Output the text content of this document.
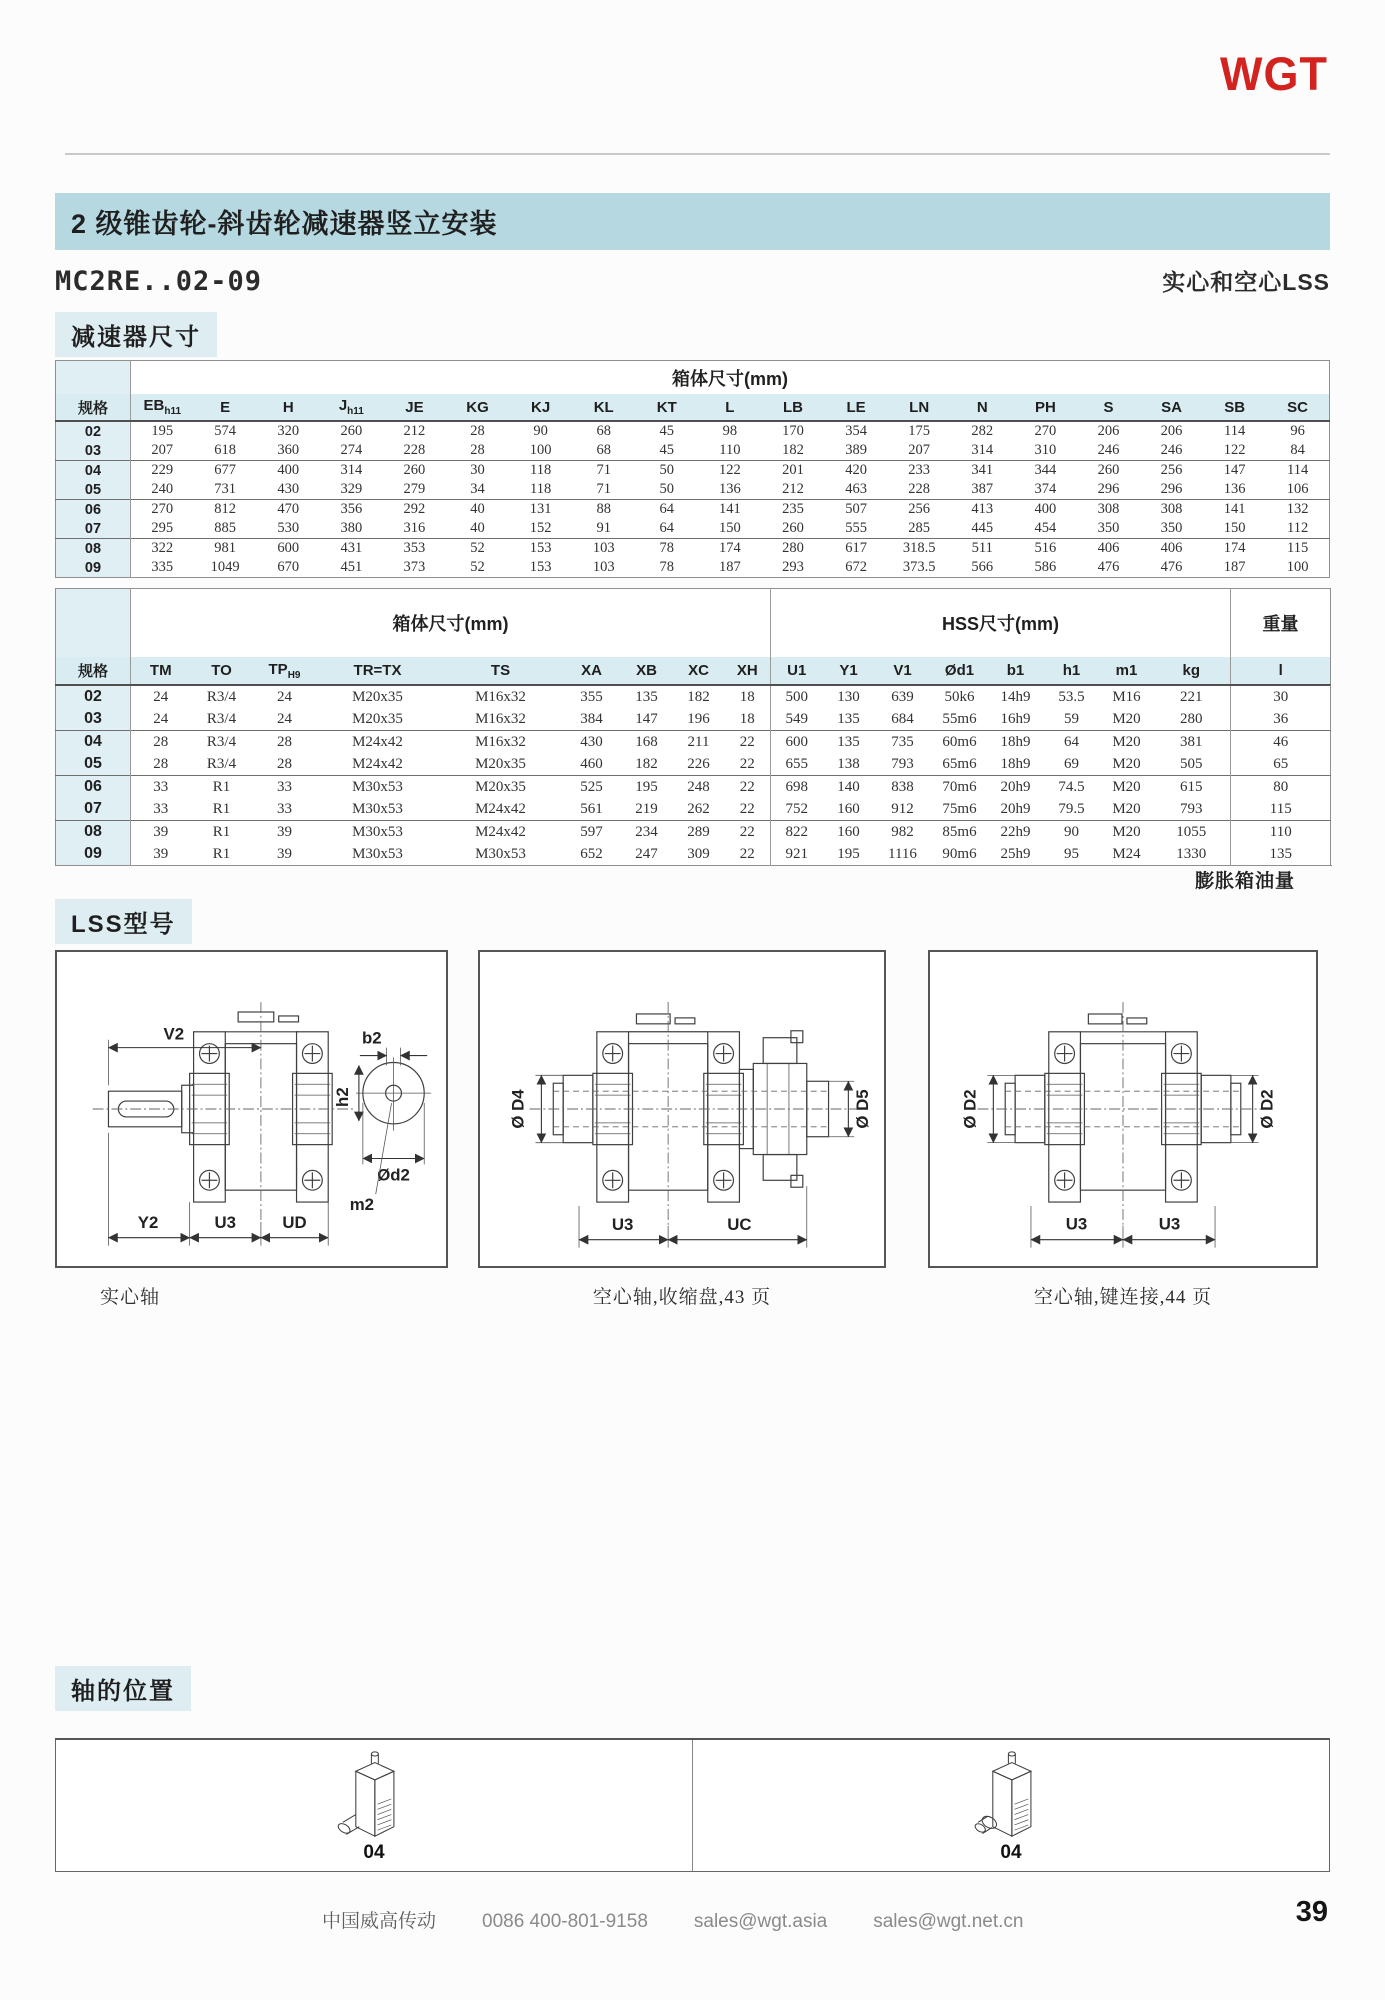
WGT
2 级锥齿轮-斜齿轮减速器竖立安装
MC2RE..02-09	实心和空心LSS
减速器尺寸
	箱体尺寸(mm)																		
规格	$EB_{h11}$	E	H	$J_{h11}$	JE	KG	KJ	KL	KT	L	LB	LE	LN	N	PH	S	SA	SB	SC
02	195	574	320	260	212	28	90	68	45	98	170	354	175	282	270	206	206	114	96
03	207	618	360	274	228	28	100	68	45	110	182	389	207	314	310	246	246	122	84
04	229	677	400	314	260	30	118	71	50	122	201	420	233	341	344	260	256	147	114
05	240	731	430	329	279	34	118	71	50	136	212	463	228	387	374	296	296	136	106
06	270	812	470	356	292	40	131	88	64	141	235	507	256	413	400	308	308	141	132
07	295	885	530	380	316	40	152	91	64	150	260	555	285	445	454	350	350	150	112
08	322	981	600	431	353	52	153	103	78	174	280	617	318.5	511	516	406	406	174	115
09	335	1049	670	451	373	52	153	103	78	187	293	672	373.5	566	586	476	476	187	100
	箱体尺寸(mm)									HSS尺寸(mm)								重量	
规格	TM	TO	$TP_{H9}$	TR=TX	TS	XA	XB	XC	XH	U1	Y1	V1	Ød1	b1	h1	m1	kg	l	
02	24	R3/4	24	M20x35	M16x32	355	135	182	18	500	130	639	50k6	14h9	53.5	M16	221	30	
03	24	R3/4	24	M20x35	M16x32	384	147	196	18	549	135	684	55m6	16h9	59	M20	280	36	
04	28	R3/4	28	M24x42	M16x32	430	168	211	22	600	135	735	60m6	18h9	64	M20	381	46	
05	28	R3/4	28	M24x42	M20x35	460	182	226	22	655	138	793	65m6	18h9	69	M20	505	65	
06	33	R1	33	M30x53	M20x35	525	195	248	22	698	140	838	70m6	20h9	74.5	M20	615	80	
07	33	R1	33	M30x53	M24x42	561	219	262	22	752	160	912	75m6	20h9	79.5	M20	793	115	
08	39	R1	39	M30x53	M24x42	597	234	289	22	822	160	982	85m6	22h9	90	M20	1055	110	
09	39	R1	39	M30x53	M30x53	652	247	309	22	921	195	1116	90m6	25h9	95	M24	1330	135	
膨胀箱油量
LSS型号
V2
Y2	U3	UD
b2
h2
Ød2
m2
实心轴
Ø D4	Ø D5
U3	UC
空心轴,收缩盘,43 页
Ø D2	Ø D2
U3	U3
空心轴,键连接,44 页
轴的位置
04	04
中国威高传动 0086 400-801-9158 sales@wgt.asia sales@wgt.net.cn	39
